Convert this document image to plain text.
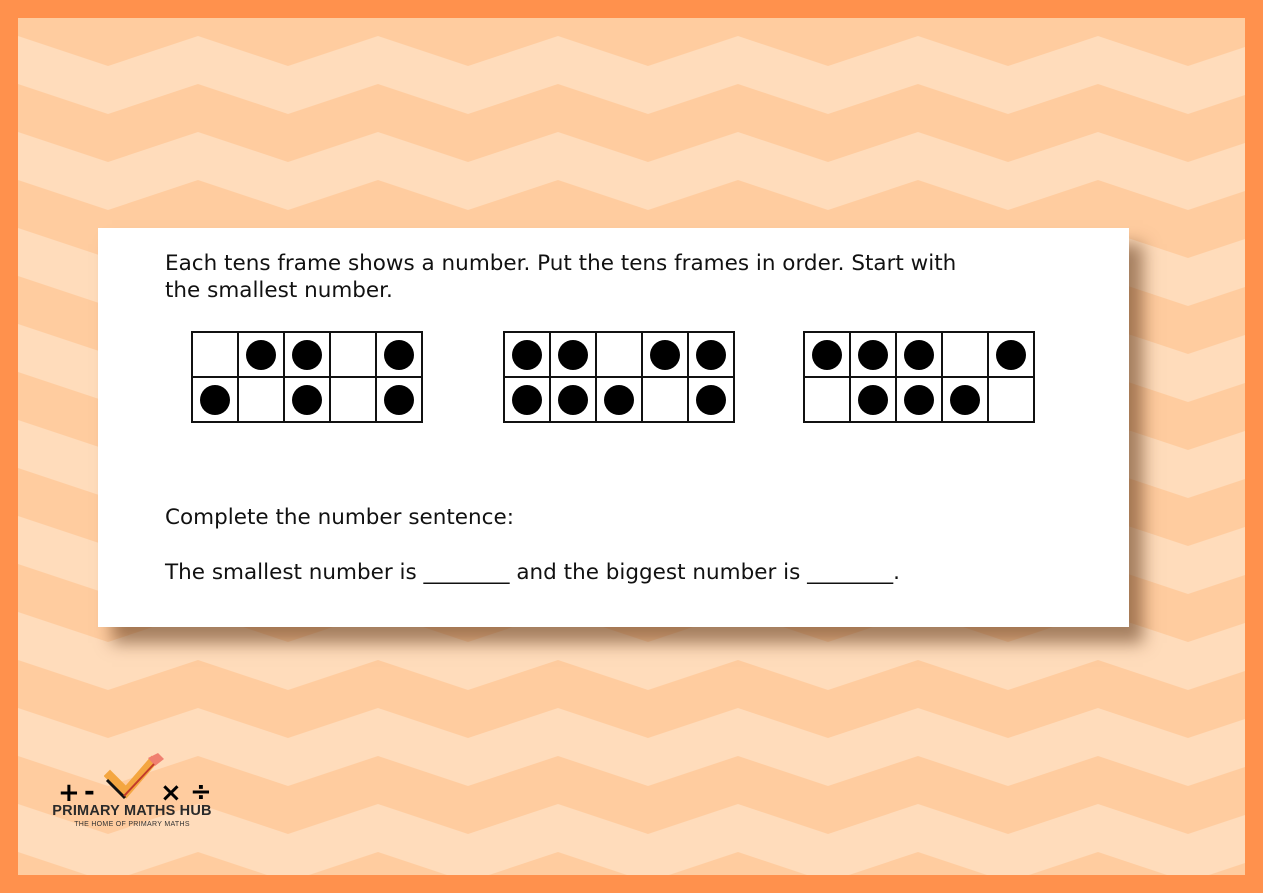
Each tens frame shows a number. Put the tens frames in order. Start with
the smallest number.

Complete the number sentence:

The smallest number is ________ and the biggest number is ________.

+ -	× ÷
PRIMARY MATHS HUB
THE HOME OF PRIMARY MATHS
